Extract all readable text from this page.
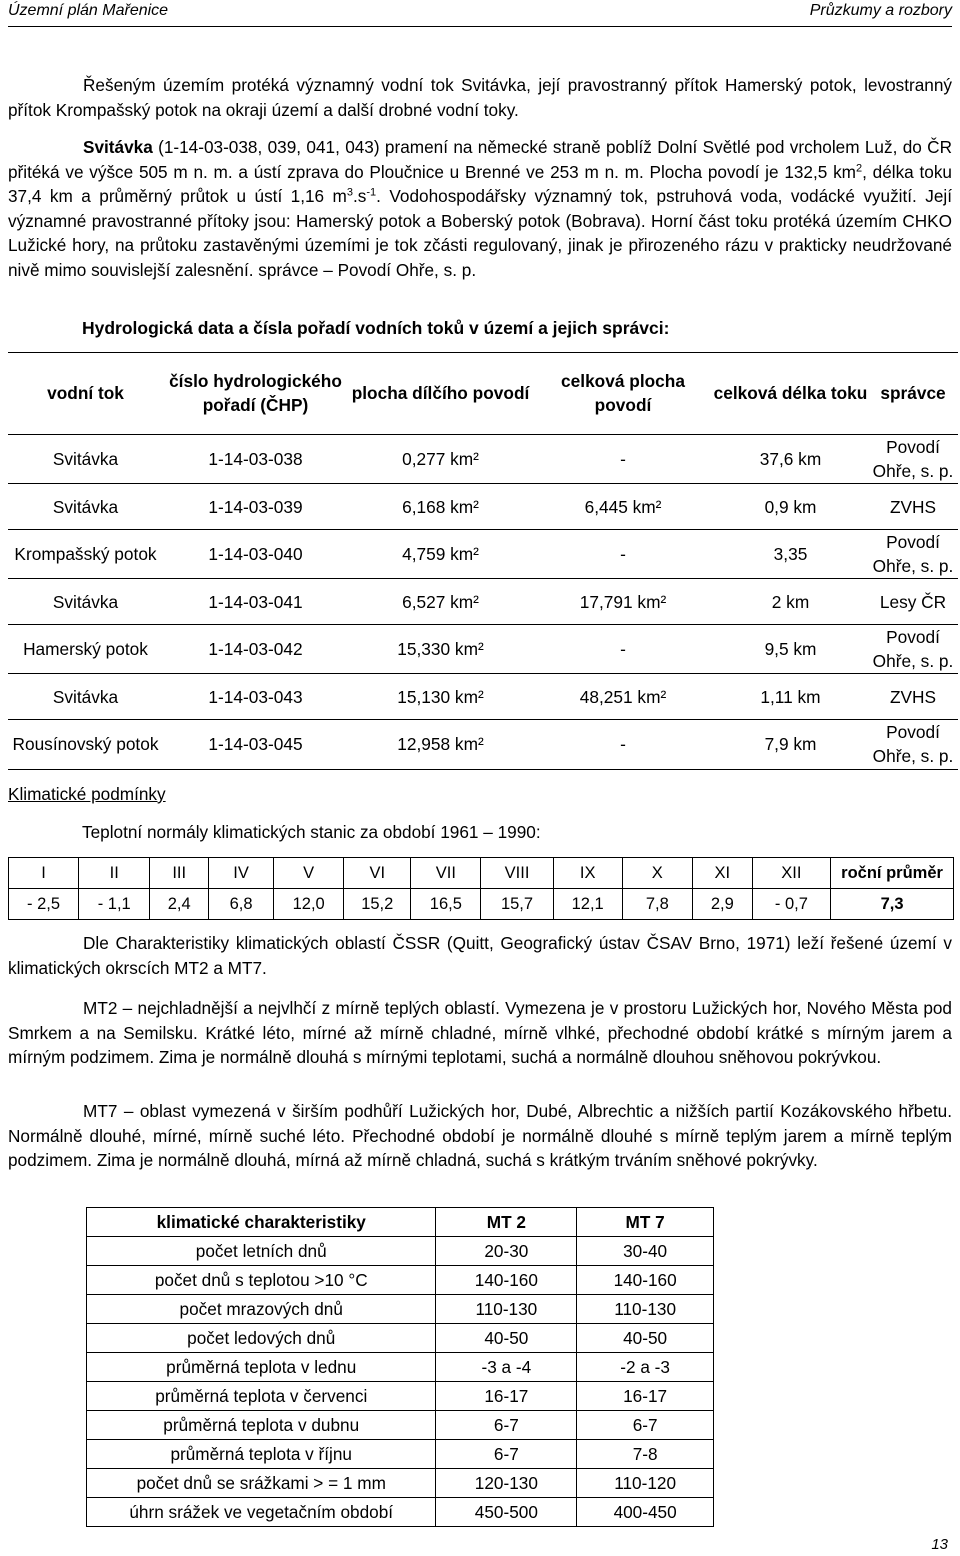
Územní plán Mařenice	Průzkumy a rozbory

Řešeným územím protéká významný vodní tok Svitávka, její pravostranný přítok Hamerský potok, levostranný přítok Krompašský potok na okraji území a další drobné vodní toky.

Svitávka (1-14-03-038, 039, 041, 043) pramení na německé straně poblíž Dolní Světlé pod vrcholem Luž, do ČR přitéká ve výšce 505 m n. m. a ústí zprava do Ploučnice u Brenné ve 253 m n. m. Plocha povodí je 132,5 $km^2$, délka toku 37,4 km a průměrný průtok u ústí 1,16 $m^3.s^{-1}$. Vodohospodářsky významný tok, pstruhová voda, vodácké využití. Její významné pravostranné přítoky jsou: Hamerský potok a Boberský potok (Bobrava). Horní část toku protéká územím CHKO Lužické hory, na průtoku zastavěnými územími je tok zčásti regulovaný, jinak je přirozeného rázu v prakticky neudržované nivě mimo souvislejší zalesnění. správce – Povodí Ohře, s. p.

Hydrologická data a čísla pořadí vodních toků v území a jejich správci:
vodní tok	číslo hydrologického pořadí (ČHP)	plocha dílčího povodí	celková plocha povodí	celková délka toku	správce
Svitávka	1-14-03-038	0,277 km²	-	37,6 km	Povodí Ohře, s. p.
Svitávka	1-14-03-039	6,168 km²	6,445 km²	0,9 km	ZVHS
Krompašský potok	1-14-03-040	4,759 km²	-	3,35	Povodí Ohře, s. p.
Svitávka	1-14-03-041	6,527 km²	17,791 km²	2 km	Lesy ČR
Hamerský potok	1-14-03-042	15,330 km²	-	9,5 km	Povodí Ohře, s. p.
Svitávka	1-14-03-043	15,130 km²	48,251 km²	1,11 km	ZVHS
Rousínovský potok	1-14-03-045	12,958 km²	-	7,9 km	Povodí Ohře, s. p.
Klimatické podmínky
Teplotní normály klimatických stanic za období 1961 – 1990:
I	II	III	IV	V	VI	VII	VIII	IX	X	XI	XII	roční průměr
- 2,5	- 1,1	2,4	6,8	12,0	15,2	16,5	15,7	12,1	7,8	2,9	- 0,7	7,3

Dle Charakteristiky klimatických oblastí ČSSR (Quitt, Geografický ústav ČSAV Brno, 1971) leží řešené území v klimatických okrscích MT2 a MT7.

MT2 – nejchladnější a nejvlhčí z mírně teplých oblastí. Vymezena je v prostoru Lužických hor, Nového Města pod Smrkem a na Semilsku. Krátké léto, mírné až mírně chladné, mírně vlhké, přechodné období krátké s mírným jarem a mírným podzimem. Zima je normálně dlouhá s mírnými teplotami, suchá a normálně dlouhou sněhovou pokrývkou.

MT7 – oblast vymezená v širším podhůří Lužických hor, Dubé, Albrechtic a nižších partií Kozákovského hřbetu. Normálně dlouhé, mírné, mírně suché léto. Přechodné období je normálně dlouhé s mírně teplým jarem a mírně teplým podzimem. Zima je normálně dlouhá, mírná až mírně chladná, suchá s krátkým trváním sněhové pokrývky.

klimatické charakteristiky	MT 2	MT 7
počet letních dnů	20-30	30-40
počet dnů s teplotou >10 °C	140-160	140-160
počet mrazových dnů	110-130	110-130
počet ledových dnů	40-50	40-50
průměrná teplota v lednu	-3 a -4	-2 a -3
průměrná teplota v červenci	16-17	16-17
průměrná teplota v dubnu	6-7	6-7
průměrná teplota v říjnu	6-7	7-8
počet dnů se srážkami > = 1 mm	120-130	110-120
úhrn srážek ve vegetačním období	450-500	400-450
13
